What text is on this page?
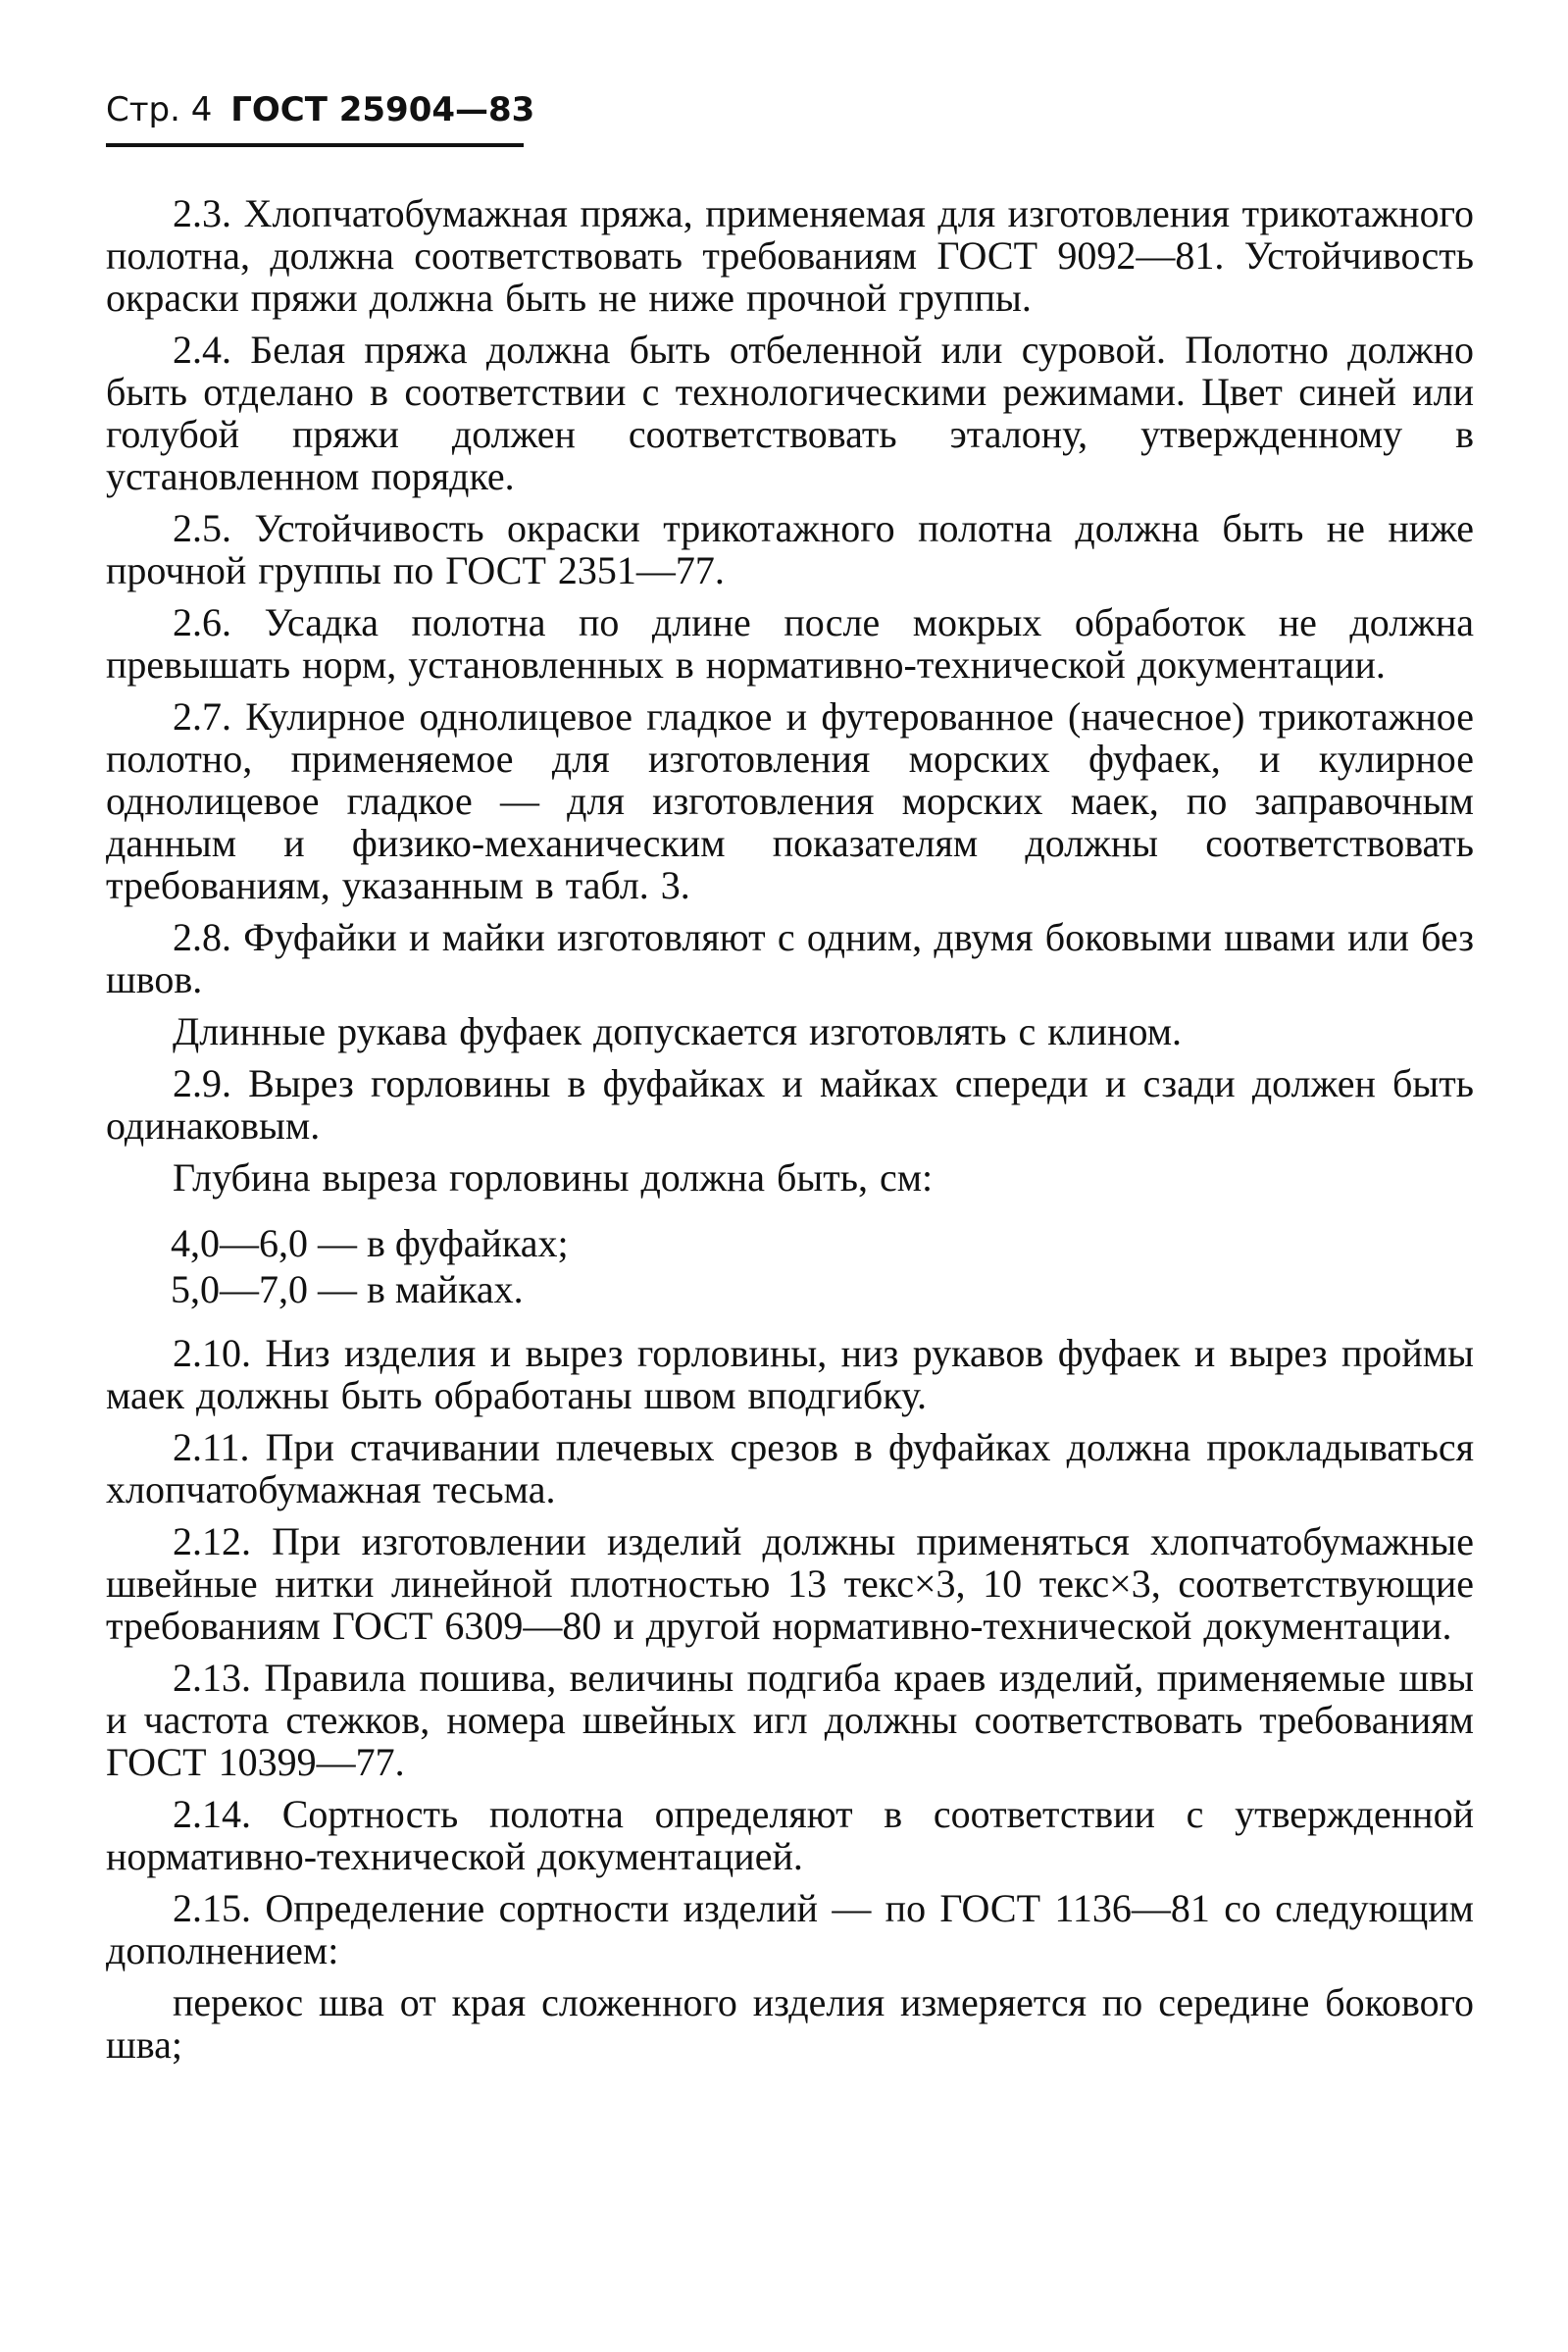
Стр. 4 ГОСТ 25904—83

2.3. Хлопчатобумажная пряжа, применяемая для изготовления трикотажного полотна, должна соответствовать требованиям ГОСТ 9092—81. Устойчивость окраски пряжи должна быть не ниже прочной группы.

2.4. Белая пряжа должна быть отбеленной или суровой. Полотно должно быть отделано в соответствии с технологическими режимами. Цвет синей или голубой пряжи должен соответствовать эталону, утвержденному в установленном порядке.

2.5. Устойчивость окраски трикотажного полотна должна быть не ниже прочной группы по ГОСТ 2351—77.

2.6. Усадка полотна по длине после мокрых обработок не должна превышать норм, установленных в нормативно-технической документации.

2.7. Кулирное однолицевое гладкое и футерованное (начесное) трикотажное полотно, применяемое для изготовления морских фуфаек, и кулирное однолицевое гладкое — для изготовления морских маек, по заправочным данным и физико-механическим показателям должны соответствовать требованиям, указанным в табл. 3.

2.8. Фуфайки и майки изготовляют с одним, двумя боковыми швами или без швов.

Длинные рукава фуфаек допускается изготовлять с клином.

2.9. Вырез горловины в фуфайках и майках спереди и сзади должен быть одинаковым.

Глубина выреза горловины должна быть, см:

4,0—6,0 — в фуфайках;

5,0—7,0 — в майках.

2.10. Низ изделия и вырез горловины, низ рукавов фуфаек и вырез проймы маек должны быть обработаны швом вподгибку.

2.11. При стачивании плечевых срезов в фуфайках должна прокладываться хлопчатобумажная тесьма.

2.12. При изготовлении изделий должны применяться хлопчатобумажные швейные нитки линейной плотностью 13 текс×3, 10 текс×3, соответствующие требованиям ГОСТ 6309—80 и другой нормативно-технической документации.

2.13. Правила пошива, величины подгиба краев изделий, применяемые швы и частота стежков, номера швейных игл должны соответствовать требованиям ГОСТ 10399—77.

2.14. Сортность полотна определяют в соответствии с утвержденной нормативно-технической документацией.

2.15. Определение сортности изделий — по ГОСТ 1136—81 со следующим дополнением:

перекос шва от края сложенного изделия измеряется по середине бокового шва;
